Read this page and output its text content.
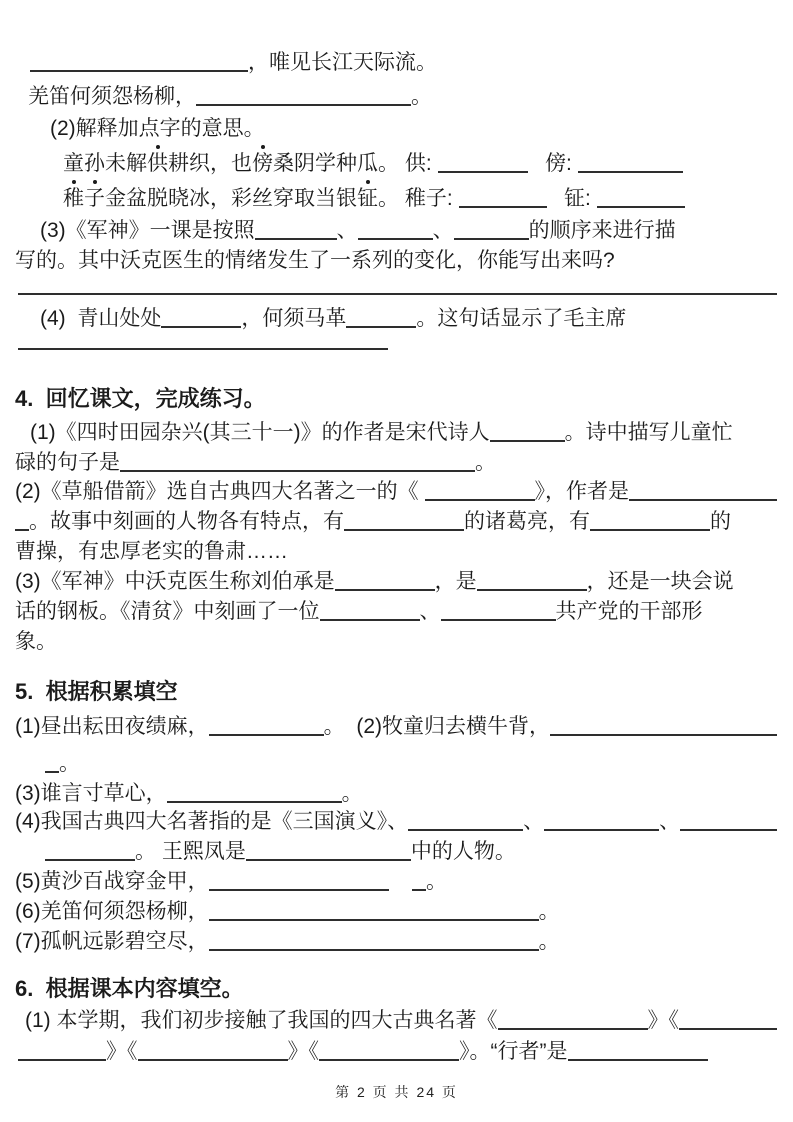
第 2 页 共 24 页
，唯见长江天际流。
羌笛何须怨杨柳，	。
(2)解释加点字的意思。
童孙未解 供 耕织，也 傍 桑阴学种瓜。 供:	傍:
稚 子 金盆脱晓冰，彩丝穿取当银 钲 。 稚子:	钲:
(3)《军神》一课是按照	、	、	的顺序来进行描
写的。其中沃克医生的情绪发生了一系列的变化，你能写出来吗?
(4)  青山处处	，何须马革	。这句话显示了毛主席
4.  回忆课文，完成练习。
(1)《四时田园杂兴(其三十一)》的作者是宋代诗人	。诗中描写儿童忙
碌的句子是	。
(2)《草船借箭》选自古典四大名著之一的《	》，作者是
。故事中刻画的人物各有特点，有	的诸葛亮，有	的
曹操，有忠厚老实的鲁肃……
(3)《军神》中沃克医生称刘伯承是	，是	，还是一块会说
话的钢板。《清贫》中刻画了一位	、	共产党的干部形
象。
5.  根据积累填空
(1)昼出耘田夜绩麻，	。  (2)牧童归去横牛背，
。
(3)谁言寸草心，	。
(4)我国古典四大名著指的是《三国演义》、	、	、
。 王熙凤是	中的人物。
(5)黄沙百战穿金甲，
	。
(6)羌笛何须怨杨柳，	。
(7)孤帆远影碧空尽，	。
6.  根据课本内容填空。
(1) 本学期，我们初步接触了我国的四大古典名著《	》《
》《	》《	》。“行者”是
